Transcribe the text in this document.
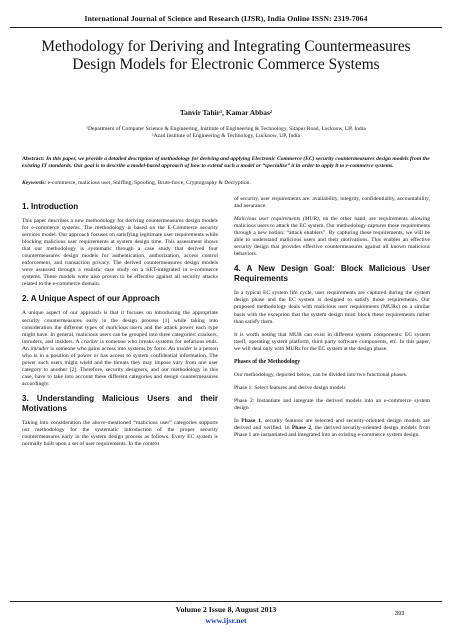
International Journal of Science and Research (IJSR), India Online ISSN: 2319-7064
Methodology for Deriving and Integrating Countermeasures Design Models for Electronic Commerce Systems
Tanvir Tahir¹, Kamar Abbas²
¹Department of Computer Science & Engineering, Institute of Engineering & Technology, Sitapur Road, Lucknow, UP, India
²Azad Institute of Engineering & Technology, Lucknow, UP, India
Abstract: In this paper, we provide a detailed description of methodology for deriving and applying Electronic Commerce (EC) security countermeasures design models from the existing IT standards. Our goal is to describe a model-based approach of how to extend such a model or “specialize” it in order to apply it to e-commerce systems.
Keywords: e-commerce, malicious user, Sniffing, Spoofing, Brute-force, Cryptography & Decryption.
1. Introduction

This paper describes a new methodology for deriving countermeasures design models for e-commerce systems. The methodology is based on the E-Commerce security services model. Our approach focuses on satisfying legitimate user requirements while blocking malicious user requirements at system design time. This assessment shows that our methodology is systematic through a case study that derived four countermeasures design models for authentication, authorization, access control enforcement, and transaction privacy. The derived countermeasures design models were assessed through a realistic case study on a SET-integrated in e-commerce systems. These models were also proven to be effective against all security attacks related to the e-commerce domain.

2. A Unique Aspect of our Approach

A unique aspect of our approach is that it focuses on introducing the appropriate security countermeasures early in the design process [1] while taking into consideration the different types of malicious users and the attack power each type might have. In general, malicious users can be grouped into three categories: crackers, intruders, and insiders. A cracker is someone who breaks systems for nefarious ends. An intruder is someone who gains access into systems by force. An insider is a person who is in a position of power or has access to system confidential information. The power such users might wield and the threats they may impose vary from one user category to another [2]. Therefore, security designers, and our methodology in this case, have to take into account these different categories and design countermeasures accordingly.

3. Understanding Malicious Users and their Motivations

Taking into consideration the above-mentioned “malicious user” categories supports our methodology for the systematic introduction of the proper security countermeasures early in the system design process as follows. Every EC system is normally built upon a set of user requirements. In the context

of security, user requirements are: availability, integrity, confidentiality, accountability, and assurance.

Malicious user requirements (MUR), on the other hand, are requirements allowing malicious users to attack the EC system. Our methodology captures these requirements through a new notion: “attack enablers”. By capturing these requirements, we will be able to understand malicious users and their motivations. This enables an effective security design that provides effective countermeasures against all known malicious behaviors.

4. A New Design Goal: Block Malicious User Requirements

In a typical EC system life cycle, user requirements are captured during the system design phase and the EC system is designed to satisfy those requirements. Our proposed methodology deals with malicious user requirements (MURs) on a similar basis with the exception that the system design must block these requirements rather than satisfy them.

It is worth noting that MUR can exist in different system components: EC system itself, operating system platform, third party software components, etc. In this paper, we will deal only with MURs for the EC system at the design phase.

Phases of the Methodology

Our methodology, depicted below, can be divided into two functional phases.

Phase 1: Select features and derive design models

Phase 2: Instantiate and integrate the derived models into an e-commerce system design

In Phase 1, security features are selected and security-oriented design models are derived and verified. In Phase 2, the derived security-oriented design models from Phase 1 are instantiated and integrated into an existing e-commerce system design.

Volume 2 Issue 8, August 2013
www.ijsr.net
393
